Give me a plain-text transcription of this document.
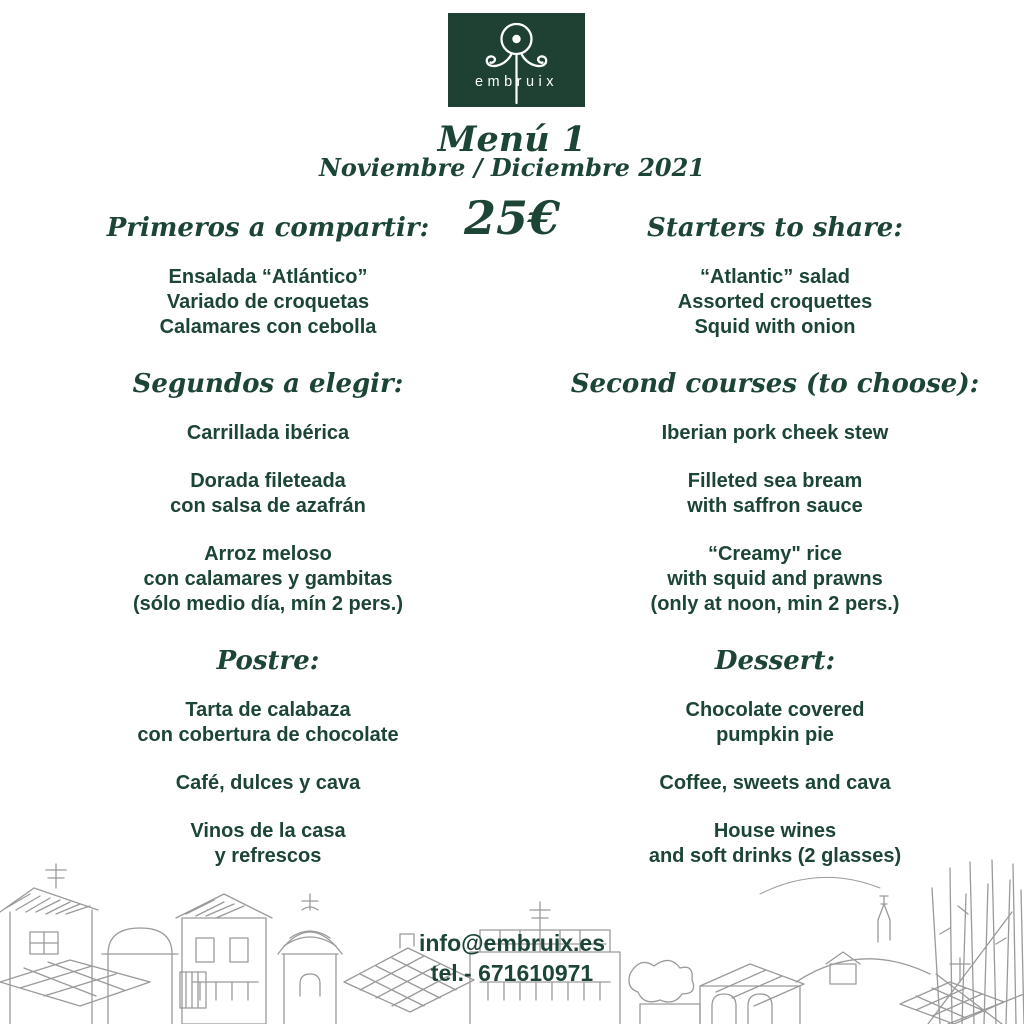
embruix
Menú 1
Noviembre / Diciembre 2021
25€
Primeros a compartir:
Ensalada “Atlántico”
Variado de croquetas
Calamares con cebolla
Segundos a elegir:
Carrillada ibérica
Dorada fileteada
con salsa de azafrán
Arroz meloso
con calamares y gambitas
(sólo medio día, mín 2 pers.)
Postre:
Tarta de calabaza
con cobertura de chocolate
Café, dulces y cava
Vinos de la casa
y refrescos
Starters to share:
“Atlantic” salad
Assorted croquettes
Squid with onion
Second courses (to choose):
Iberian pork cheek stew
Filleted sea bream
with saffron sauce
“Creamy" rice
with squid and prawns
(only at noon, min 2 pers.)
Dessert:
Chocolate covered
pumpkin pie
Coffee, sweets and cava
House wines
and soft drinks (2 glasses)
info@embruix.es
tel.- 671610971
